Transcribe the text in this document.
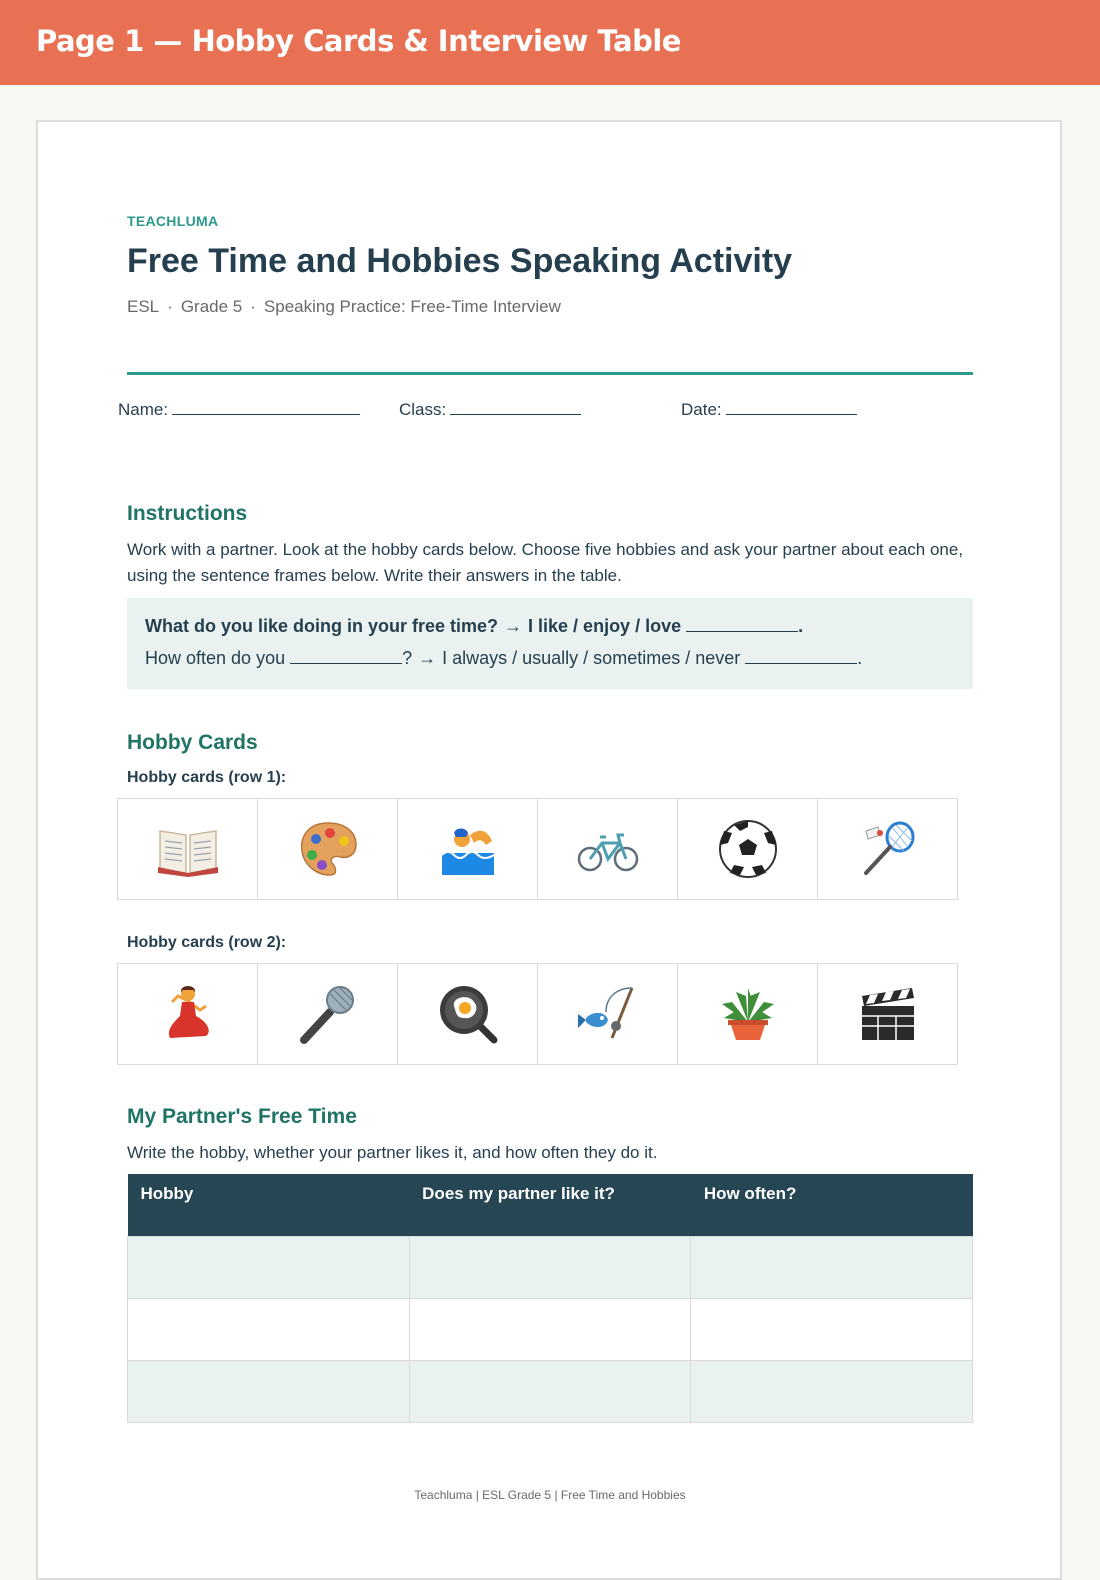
Page 1 — Hobby Cards & Interview Table
TEACHLUMA
Free Time and Hobbies Speaking Activity
ESL · Grade 5 · Speaking Practice: Free-Time Interview
Name:	Class:	Date:
Instructions
Work with a partner. Look at the hobby cards below. Choose five hobbies and ask your partner about each one, using the sentence frames below. Write their answers in the table.
What do you like doing in your free time? → I like / enjoy / love	.
How often do you	? → I always / usually / sometimes / never	.
Hobby Cards
Hobby cards (row 1):
Hobby cards (row 2):
My Partner's Free Time
Write the hobby, whether your partner likes it, and how often they do it.
Hobby	Does my partner like it?	How often?

Teachluma | ESL Grade 5 | Free Time and Hobbies
